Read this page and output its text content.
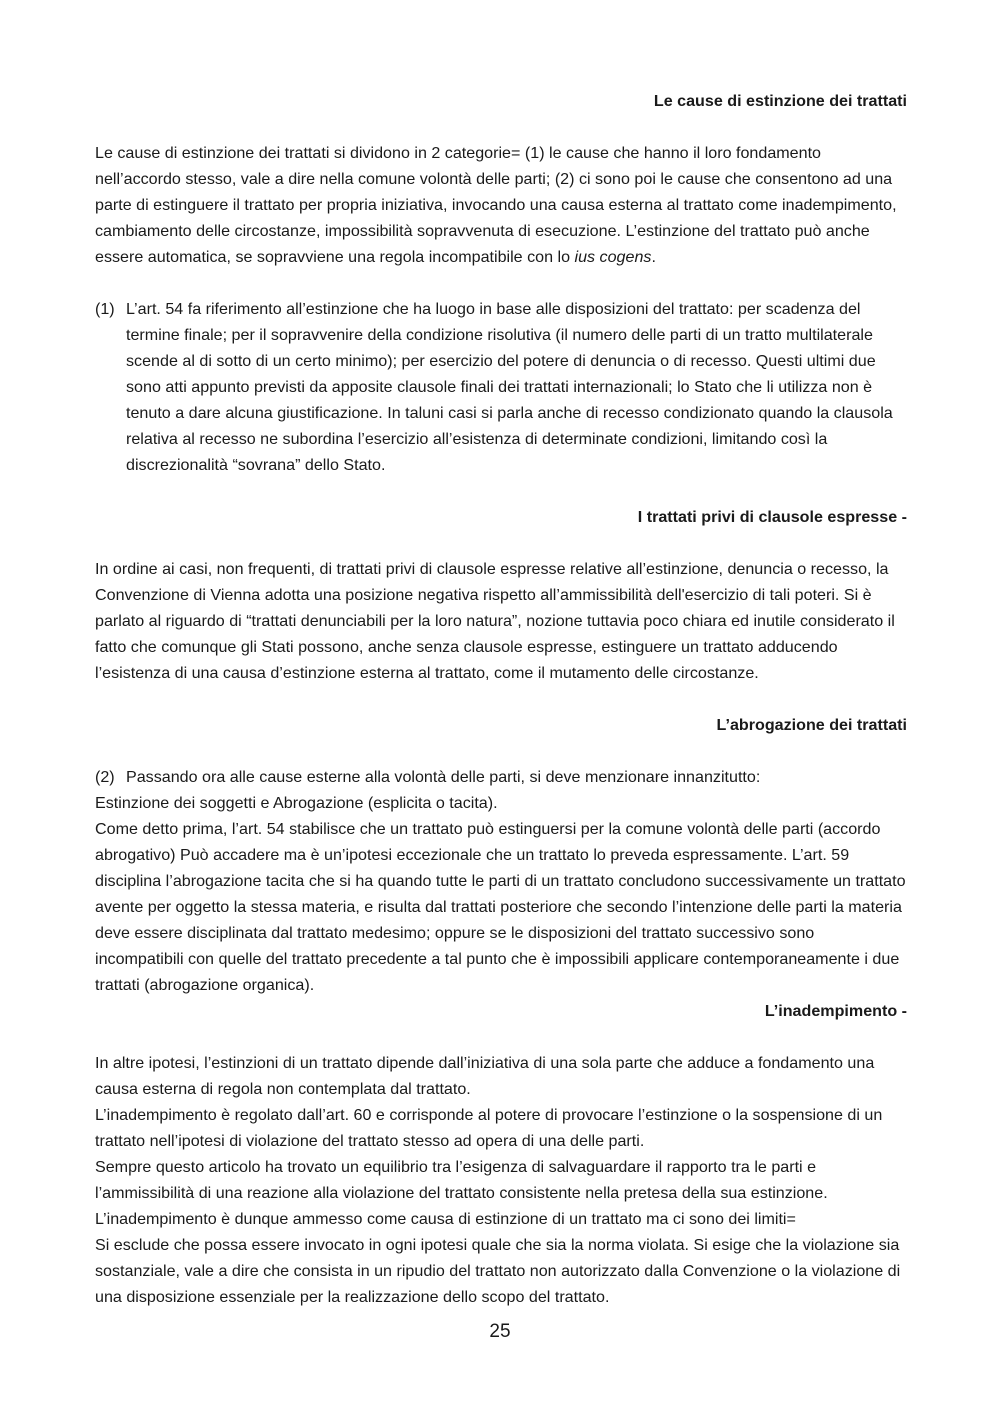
Le cause di estinzione dei trattati

Le cause di estinzione dei trattati si dividono in 2 categorie= (1) le cause che hanno il loro fondamento nell’accordo stesso, vale a dire nella comune volontà delle parti; (2) ci sono poi le cause che consentono ad una parte di estinguere il trattato per propria iniziativa, invocando una causa esterna al trattato come inadempimento, cambiamento delle circostanze, impossibilità sopravvenuta di esecuzione. L’estinzione del trattato può anche essere automatica, se sopravviene una regola incompatibile con lo ius cogens.

(1) L’art. 54 fa riferimento all’estinzione che ha luogo in base alle disposizioni del trattato: per scadenza del termine finale; per il sopravvenire della condizione risolutiva (il numero delle parti di un tratto multilaterale scende al di sotto di un certo minimo); per esercizio del potere di denuncia o di recesso. Questi ultimi due sono atti appunto previsti da apposite clausole finali dei trattati internazionali; lo Stato che li utilizza non è tenuto a dare alcuna giustificazione. In taluni casi si parla anche di recesso condizionato quando la clausola relativa al recesso ne subordina l’esercizio all’esistenza di determinate condizioni, limitando così la discrezionalità “sovrana” dello Stato.

I trattati privi di clausole espresse -

In ordine ai casi, non frequenti, di trattati privi di clausole espresse relative all’estinzione, denuncia o recesso, la Convenzione di Vienna adotta una posizione negativa rispetto all’ammissibilità dell'esercizio di tali poteri. Si è parlato al riguardo di “trattati denunciabili per la loro natura”, nozione tuttavia poco chiara ed inutile considerato il fatto che comunque gli Stati possono, anche senza clausole espresse, estinguere un trattato adducendo l’esistenza di una causa d’estinzione esterna al trattato, come il mutamento delle circostanze.

L’abrogazione dei trattati

(2) Passando ora alle cause esterne alla volontà delle parti, si deve menzionare innanzitutto:

Estinzione dei soggetti e Abrogazione (esplicita o tacita).

Come detto prima, l’art. 54 stabilisce che un trattato può estinguersi per la comune volontà delle parti (accordo abrogativo) Può accadere ma è un’ipotesi eccezionale che un trattato lo preveda espressamente. L’art. 59 disciplina l’abrogazione tacita che si ha quando tutte le parti di un trattato concludono successivamente un trattato avente per oggetto la stessa materia, e risulta dal trattati posteriore che secondo l’intenzione delle parti la materia deve essere disciplinata dal trattato medesimo; oppure se le disposizioni del trattato successivo sono incompatibili con quelle del trattato precedente a tal punto che è impossibili applicare contemporaneamente i due trattati (abrogazione organica).

L’inadempimento -

In altre ipotesi, l’estinzioni di un trattato dipende dall’iniziativa di una sola parte che adduce a fondamento una causa esterna di regola non contemplata dal trattato.

L’inadempimento è regolato dall’art. 60 e corrisponde al potere di provocare l’estinzione o la sospensione di un trattato nell’ipotesi di violazione del trattato stesso ad opera di una delle parti.

Sempre questo articolo ha trovato un equilibrio tra l’esigenza di salvaguardare il rapporto tra le parti e l’ammissibilità di una reazione alla violazione del trattato consistente nella pretesa della sua estinzione.

L’inadempimento è dunque ammesso come causa di estinzione di un trattato ma ci sono dei limiti=

Si esclude che possa essere invocato in ogni ipotesi quale che sia la norma violata. Si esige che la violazione sia sostanziale, vale a dire che consista in un ripudio del trattato non autorizzato dalla Convenzione o la violazione di una disposizione essenziale per la realizzazione dello scopo del trattato.

25
